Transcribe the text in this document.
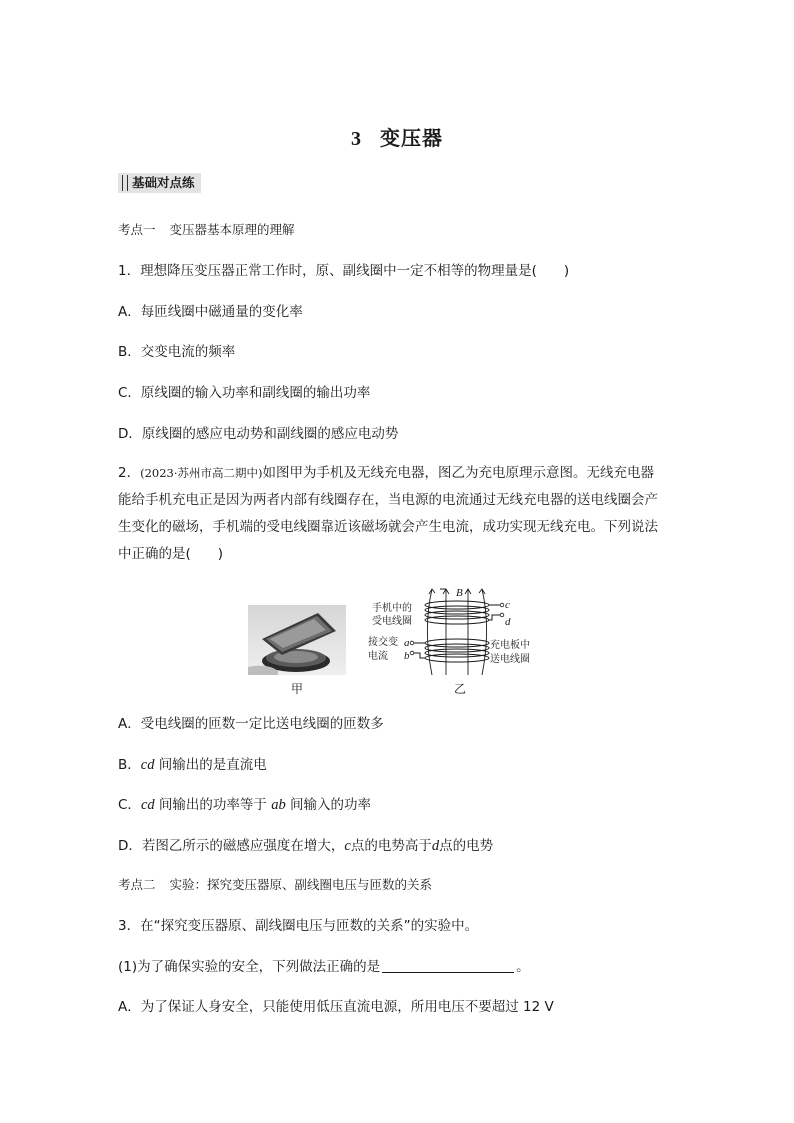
3 变压器
基础对点练
考点一 变压器基本原理的理解
1．理想降压变压器正常工作时，原、副线圈中一定不相等的物理量是(　　)
A．每匝线圈中磁通量的变化率
B．交变电流的频率
C．原线圈的输入功率和副线圈的输出功率
D．原线圈的感应电动势和副线圈的感应电动势
2．(2023·苏州市高二期中)如图甲为手机及无线充电器，图乙为充电原理示意图。无线充电器
能给手机充电正是因为两者内部有线圈存在，当电源的电流通过无线充电器的送电线圈会产
生变化的磁场，手机端的受电线圈靠近该磁场就会产生电流，成功实现无线充电。下列说法
中正确的是(　　)
甲
B
c
d
a
b
手机中的
受电线圈
接交变
电流
充电板中
送电线圈
乙
A．受电线圈的匝数一定比送电线圈的匝数多
B．cd 间输出的是直流电
C．cd 间输出的功率等于 ab 间输入的功率
D．若图乙所示的磁感应强度在增大，c点的电势高于d点的电势
考点二 实验：探究变压器原、副线圈电压与匝数的关系
3．在“探究变压器原、副线圈电压与匝数的关系”的实验中。
(1)为了确保实验的安全，下列做法正确的是	。
A．为了保证人身安全，只能使用低压直流电源，所用电压不要超过 12 V
